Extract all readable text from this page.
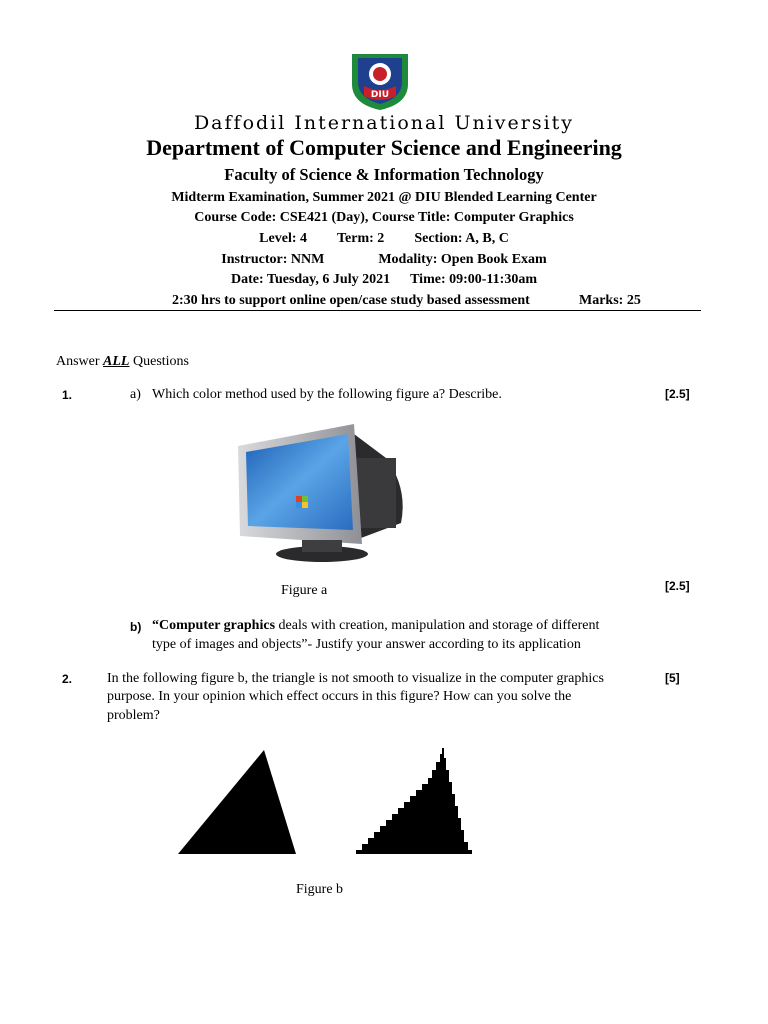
DIU
Daffodil International University
Department of Computer Science and Engineering
Faculty of Science & Information Technology
Midterm Examination, Summer 2021 @ DIU Blended Learning Center
Course Code: CSE421 (Day), Course Title: Computer Graphics
Level: 4 Term: 2 Section: A, B, C
Instructor: NNM	Modality: Open Book Exam
Date: Tuesday, 6 July 2021 Time: 09:00-11:30am
2:30 hrs to support online open/case study based assessment	Marks: 25
Answer ALL Questions
1.	a) Which color method used by the following figure a? Describe.	[2.5]
Figure a	[2.5]
b) “Computer graphics deals with creation, manipulation and storage of different
type of images and objects”- Justify your answer according to its application
2. In the following figure b, the triangle is not smooth to visualize in the computer graphics
purpose. In your opinion which effect occurs in this figure? How can you solve the
problem?
[5]
Figure b
